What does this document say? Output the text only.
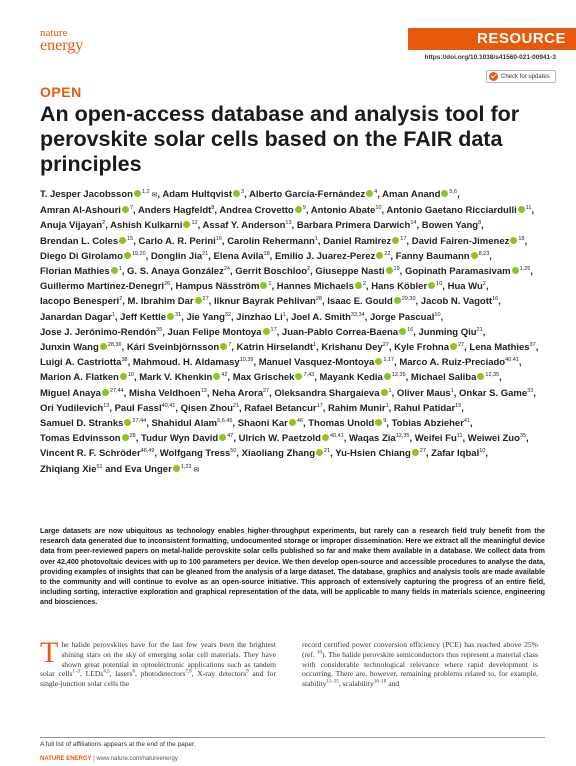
nature
energy	RESOURCE
https://doi.org/10.1038/s41560-021-00941-3
Check for updates
OPEN
An open-access database and analysis tool for perovskite solar cells based on the FAIR data principles
T. Jesper Jacobsson $^{1,2}$ ✉, Adam Hultqvist $^3$, Alberto García-Fernández $^4$, Aman Anand $^{5,6}$, Amran Al-Ashouri $^7$, Anders Hagfeldt$^8$, Andrea Crovetto $^9$, Antonio Abate$^{10}$, Antonio Gaetano Ricciardulli $^{11}$, Anuja Vijayan$^2$, Ashish Kulkarni $^{12}$, Assaf Y. Anderson$^{13}$, Barbara Primera Darwich$^{14}$, Bowen Yang$^8$, Brendan L. Coles $^{15}$, Carlo A. R. Perini$^{16}$, Carolin Rehermann$^1$, Daniel Ramirez $^{17}$, David Fairen-Jimenez $^{18}$, Diego Di Girolamo $^{19,20}$, Donglin Jia$^{21}$, Elena Avila$^{18}$, Emilio J. Juarez-Perez $^{22}$, Fanny Baumann $^{8,23}$, Florian Mathies $^1$, G. S. Anaya González$^{24}$, Gerrit Boschloo$^2$, Giuseppe Nasti $^{19}$, Gopinath Paramasivam $^{1,25}$, Guillermo Martínez-Denegri$^{26}$, Hampus Näsström $^1$, Hannes Michaels $^2$, Hans Köbler $^{10}$, Hua Wu$^2$, Iacopo Benesperi$^2$, M. Ibrahim Dar $^{27}$, Ilknur Bayrak Pehlivan$^{28}$, Isaac E. Gould $^{29,30}$, Jacob N. Vagott$^{16}$, Janardan Dagar$^1$, Jeff Kettle $^{31}$, Jie Yang$^{32}$, Jinzhao Li$^1$, Joel A. Smith$^{33,34}$, Jorge Pascual$^{10}$, Jose J. Jerónimo-Rendón$^{35}$, Juan Felipe Montoya $^{17}$, Juan-Pablo Correa-Baena $^{16}$, Junming Qiu$^{21}$, Junxin Wang $^{28,36}$, Kári Sveinbjörnsson $^7$, Katrin Hirselandt$^1$, Krishanu Dey$^{27}$, Kyle Frohna $^{27}$, Lena Mathies$^{37}$, Luigi A. Castriotta$^{38}$, Mahmoud. H. Aldamasy$^{10,39}$, Manuel Vasquez-Montoya $^{1,17}$, Marco A. Ruiz-Preciado$^{40,41}$, Marion A. Flatken $^{10}$, Mark V. Khenkin $^{42}$, Max Grischek $^{7,43}$, Mayank Kedia $^{12,35}$, Michael Saliba $^{12,35}$, Miguel Anaya $^{27,44}$, Misha Veldhoen$^{13}$, Neha Arora$^{27}$, Oleksandra Shargaieva $^1$, Oliver Maus$^1$, Onkar S. Game$^{33}$, Ori Yudilevich$^{13}$, Paul Fassl$^{40,41}$, Qisen Zhou$^{21}$, Rafael Betancur$^{17}$, Rahim Munir$^1$, Rahul Patidar$^{15}$, Samuel D. Stranks $^{27,44}$, Shahidul Alam$^{5,6,45}$, Shaoni Kar $^{46}$, Thomas Unold $^9$, Tobias Abzieher$^{41}$, Tomas Edvinsson $^{28}$, Tudur Wyn David $^{47}$, Ulrich W. Paetzold $^{40,41}$, Waqas Zia$^{12,35}$, Weifei Fu$^{11}$, Weiwei Zuo$^{35}$, Vincent R. F. Schröder$^{48,49}$, Wolfgang Tress$^{50}$, Xiaoliang Zhang $^{21}$, Yu-Hsien Chiang $^{27}$, Zafar Iqbal$^{10}$, Zhiqiang Xie$^{51}$ and Eva Unger $^{1,23}$ ✉
Large datasets are now ubiquitous as technology enables higher-throughput experiments, but rarely can a research field truly benefit from the research data generated due to inconsistent formatting, undocumented storage or improper dissemination. Here we extract all the meaningful device data from peer-reviewed papers on metal-halide perovskite solar cells published so far and make them available in a database. We collect data from over 42,400 photovoltaic devices with up to 100 parameters per device. We then develop open-source and accessible procedures to analyse the data, providing examples of insights that can be gleaned from the analysis of a large dataset. The database, graphics and analysis tools are made available to the community and will continue to evolve as an open-source initiative. This approach of extensively capturing the progress of an entire field, including sorting, interactive exploration and graphical representation of the data, will be applicable to many fields in materials science, engineering and biosciences.
The halide perovskites have for the last few years been the brightest shining stars on the sky of emerging solar cell materials. They have shown great potential in optoelectronic applications such as tandem solar cells$^{1-3}$, LEDs$^{4,5}$, lasers$^6$, photodetectors$^{7,8}$, X-ray detectors$^9$ and for single-junction solar cells the
record certified power conversion efficiency (PCE) has reached above 25% (ref. $^{10}$). The halide perovskite semiconductors thus represent a material class with considerable technological relevance where rapid development is occurring. There are, however, remaining problems related to, for example, stability$^{11-15}$, scalability$^{16-18}$ and
A full list of affiliations appears at the end of the paper.
NATURE ENERGY | www.nature.com/natureenergy
